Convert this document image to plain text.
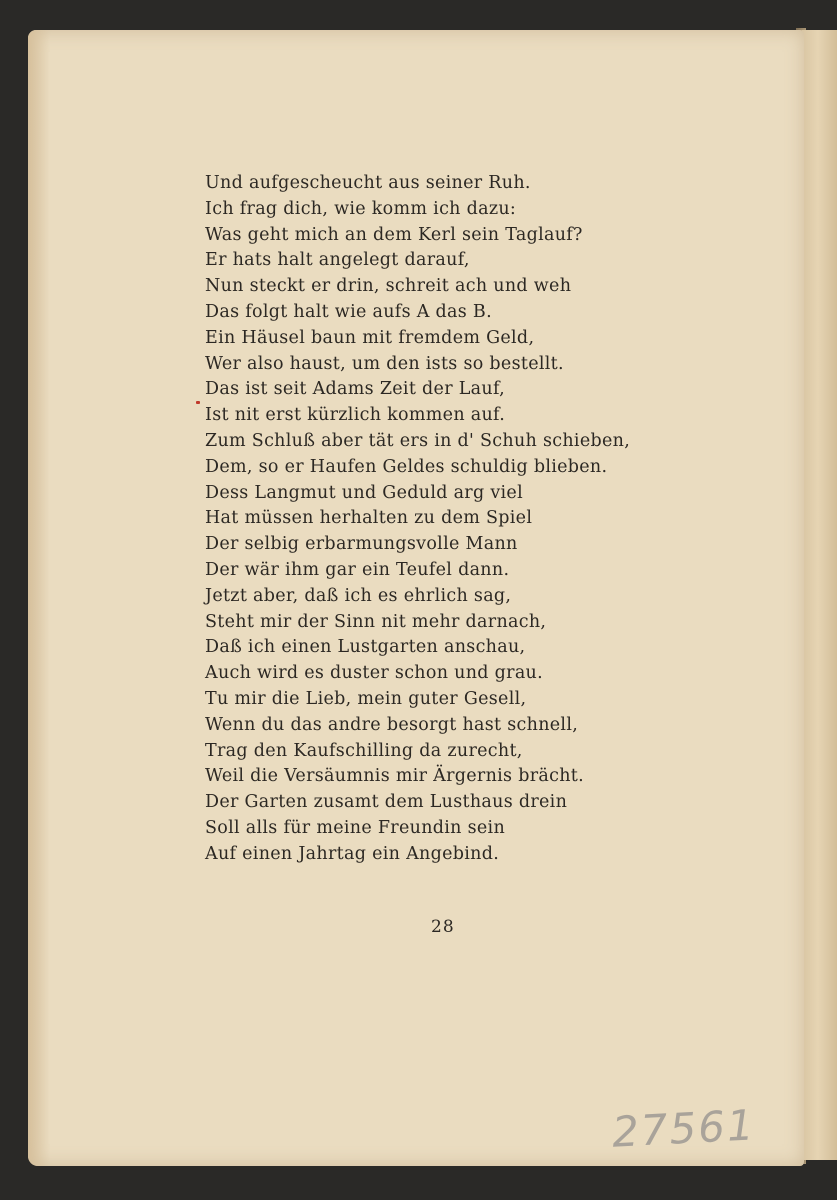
Und aufgescheucht aus seiner Ruh.
Ich frag dich, wie komm ich dazu:
Was geht mich an dem Kerl sein Taglauf?
Er hats halt angelegt darauf,
Nun steckt er drin, schreit ach und weh
Das folgt halt wie aufs A das B.
Ein Häusel baun mit fremdem Geld,
Wer also haust, um den ists so bestellt.
Das ist seit Adams Zeit der Lauf,
Ist nit erst kürzlich kommen auf.
Zum Schluß aber tät ers in d' Schuh schieben,
Dem, so er Haufen Geldes schuldig blieben.
Dess Langmut und Geduld arg viel
Hat müssen herhalten zu dem Spiel
Der selbig erbarmungsvolle Mann
Der wär ihm gar ein Teufel dann.
Jetzt aber, daß ich es ehrlich sag,
Steht mir der Sinn nit mehr darnach,
Daß ich einen Lustgarten anschau,
Auch wird es duster schon und grau.
Tu mir die Lieb, mein guter Gesell,
Wenn du das andre besorgt hast schnell,
Trag den Kaufschilling da zurecht,
Weil die Versäumnis mir Ärgernis brächt.
Der Garten zusamt dem Lusthaus drein
Soll alls für meine Freundin sein
Auf einen Jahrtag ein Angebind.
28
27561
